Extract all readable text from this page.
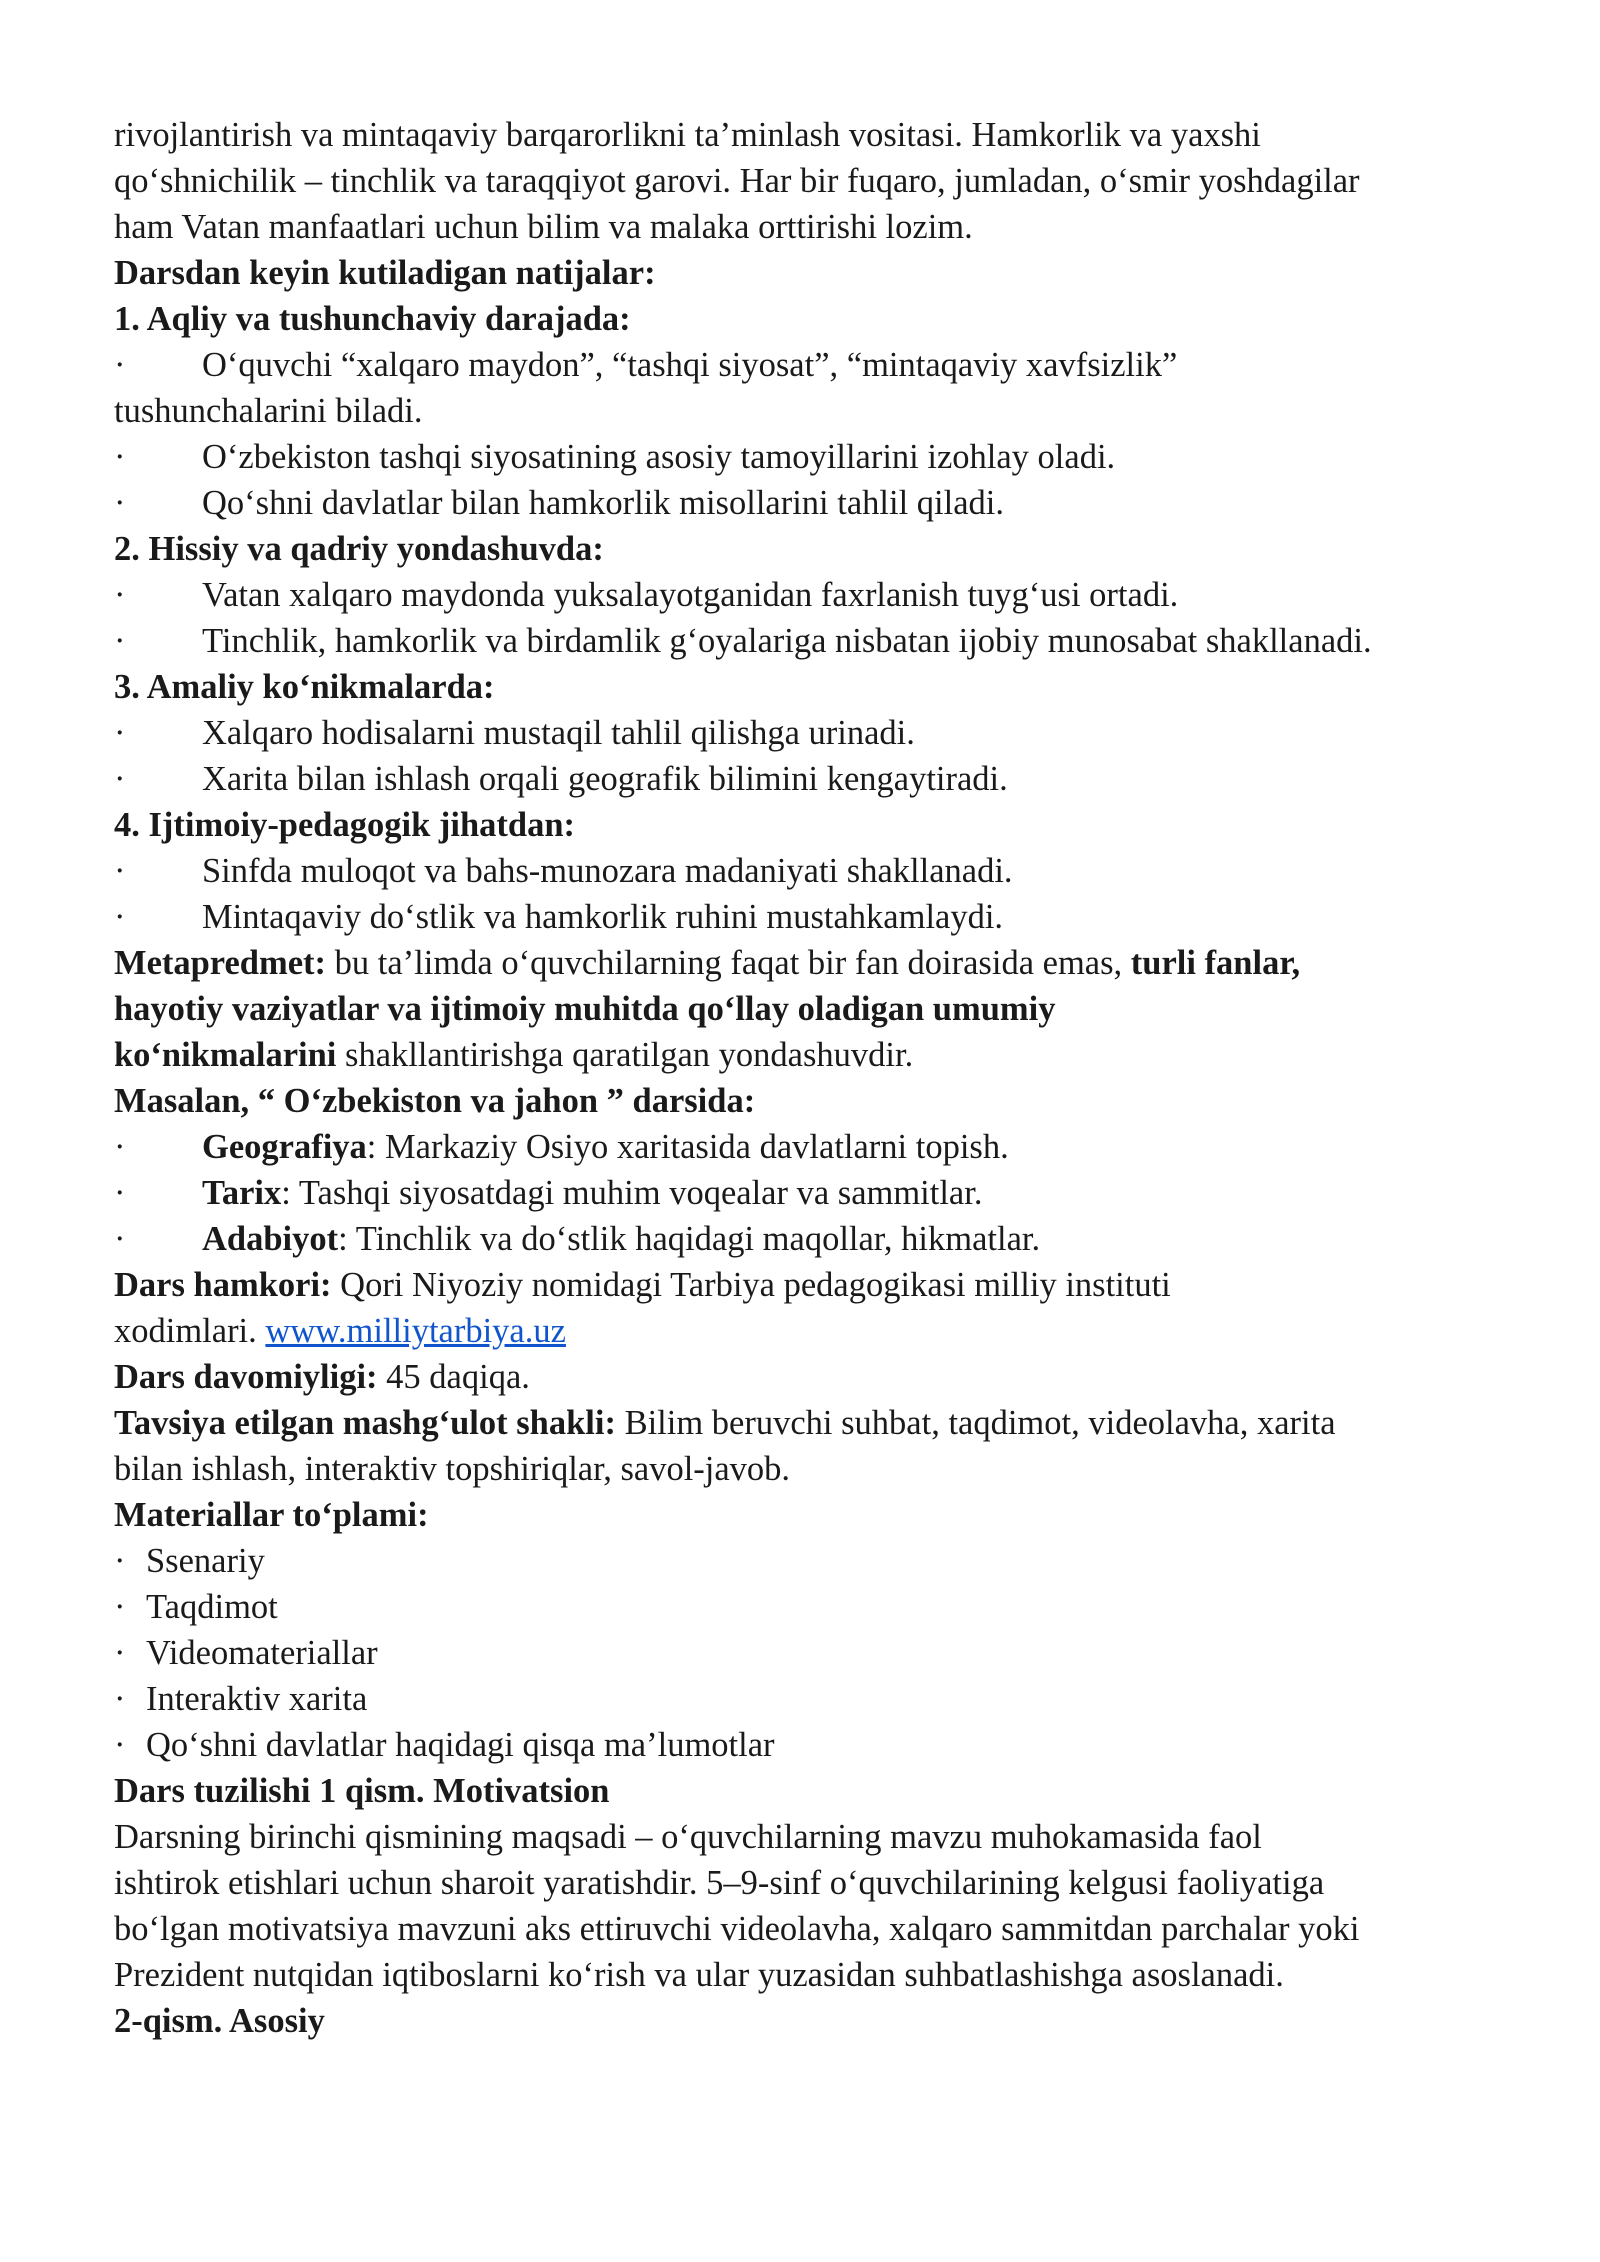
rivojlantirish va mintaqaviy barqarorlikni ta’minlash vositasi. Hamkorlik va yaxshi
qo‘shnichilik – tinchlik va taraqqiyot garovi. Har bir fuqaro, jumladan, o‘smir yoshdagilar
ham Vatan manfaatlari uchun bilim va malaka orttirishi lozim.
Darsdan keyin kutiladigan natijalar:
1. Aqliy va tushunchaviy darajada:
·	O‘quvchi “xalqaro maydon”, “tashqi siyosat”, “mintaqaviy xavfsizlik”
tushunchalarini biladi.
·	O‘zbekiston tashqi siyosatining asosiy tamoyillarini izohlay oladi.
·	Qo‘shni davlatlar bilan hamkorlik misollarini tahlil qiladi.
2. Hissiy va qadriy yondashuvda:
·	Vatan xalqaro maydonda yuksalayotganidan faxrlanish tuyg‘usi ortadi.
·	Tinchlik, hamkorlik va birdamlik g‘oyalariga nisbatan ijobiy munosabat shakllanadi.
3. Amaliy ko‘nikmalarda:
·	Xalqaro hodisalarni mustaqil tahlil qilishga urinadi.
·	Xarita bilan ishlash orqali geografik bilimini kengaytiradi.
4. Ijtimoiy-pedagogik jihatdan:
·	Sinfda muloqot va bahs-munozara madaniyati shakllanadi.
·	Mintaqaviy do‘stlik va hamkorlik ruhini mustahkamlaydi.
Metapredmet: bu ta’limda o‘quvchilarning faqat bir fan doirasida emas, turli fanlar,
hayotiy vaziyatlar va ijtimoiy muhitda qo‘llay oladigan umumiy
ko‘nikmalarini shakllantirishga qaratilgan yondashuvdir.
Masalan, “ O‘zbekiston va jahon ” darsida:
·	Geografiya: Markaziy Osiyo xaritasida davlatlarni topish.
·	Tarix: Tashqi siyosatdagi muhim voqealar va sammitlar.
·	Adabiyot: Tinchlik va do‘stlik haqidagi maqollar, hikmatlar.
Dars hamkori: Qori Niyoziy nomidagi Tarbiya pedagogikasi milliy instituti
xodimlari. www.milliytarbiya.uz
Dars davomiyligi: 45 daqiqa.
Tavsiya etilgan mashg‘ulot shakli: Bilim beruvchi suhbat, taqdimot, videolavha, xarita
bilan ishlash, interaktiv topshiriqlar, savol-javob.
Materiallar to‘plami:
· Ssenariy
· Taqdimot
· Videomateriallar
· Interaktiv xarita
· Qo‘shni davlatlar haqidagi qisqa ma’lumotlar
Dars tuzilishi 1 qism. Motivatsion
Darsning birinchi qismining maqsadi – o‘quvchilarning mavzu muhokamasida faol
ishtirok etishlari uchun sharoit yaratishdir. 5–9-sinf o‘quvchilarining kelgusi faoliyatiga
bo‘lgan motivatsiya mavzuni aks ettiruvchi videolavha, xalqaro sammitdan parchalar yoki
Prezident nutqidan iqtiboslarni ko‘rish va ular yuzasidan suhbatlashishga asoslanadi.
2-qism. Asosiy
